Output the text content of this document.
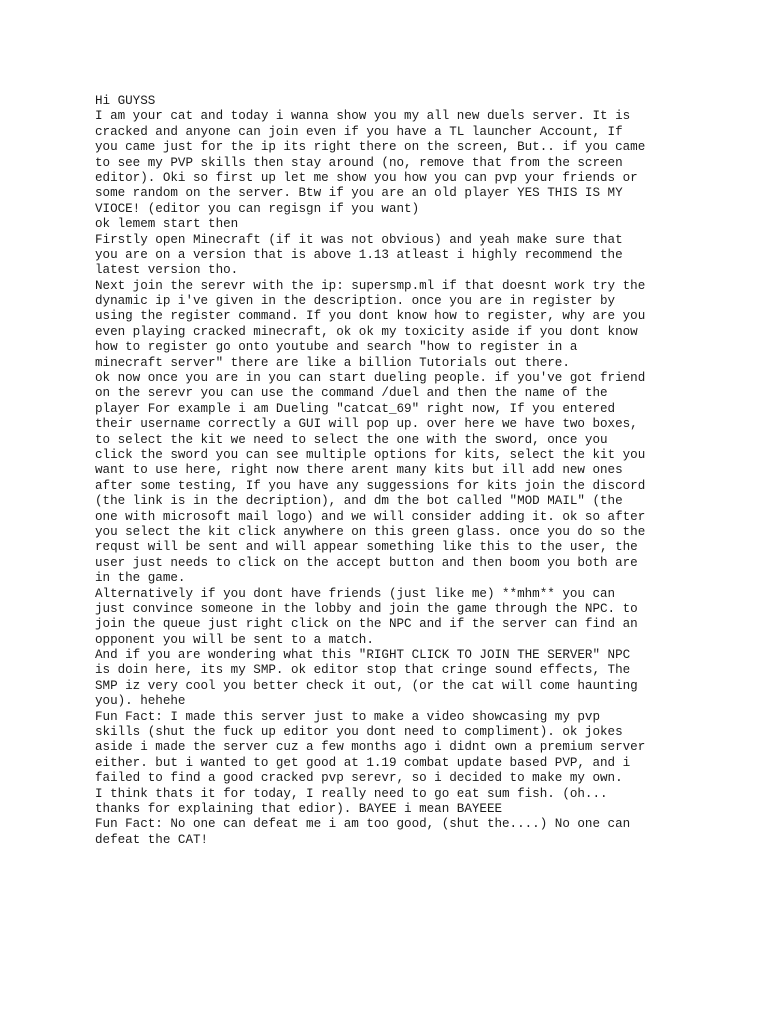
Hi GUYSS
I am your cat and today i wanna show you my all new duels server. It is
cracked and anyone can join even if you have a TL launcher Account, If
you came just for the ip its right there on the screen, But.. if you came
to see my PVP skills then stay around (no, remove that from the screen
editor). Oki so first up let me show you how you can pvp your friends or
some random on the server. Btw if you are an old player YES THIS IS MY
VIOCE! (editor you can regisgn if you want)
ok lemem start then
Firstly open Minecraft (if it was not obvious) and yeah make sure that
you are on a version that is above 1.13 atleast i highly recommend the
latest version tho.
Next join the serevr with the ip: supersmp.ml if that doesnt work try the
dynamic ip i've given in the description. once you are in register by
using the register command. If you dont know how to register, why are you
even playing cracked minecraft, ok ok my toxicity aside if you dont know
how to register go onto youtube and search "how to register in a
minecraft server" there are like a billion Tutorials out there.
ok now once you are in you can start dueling people. if you've got friend
on the serevr you can use the command /duel and then the name of the
player For example i am Dueling "catcat_69" right now, If you entered
their username correctly a GUI will pop up. over here we have two boxes,
to select the kit we need to select the one with the sword, once you
click the sword you can see multiple options for kits, select the kit you
want to use here, right now there arent many kits but ill add new ones
after some testing, If you have any suggessions for kits join the discord
(the link is in the decription), and dm the bot called "MOD MAIL" (the
one with microsoft mail logo) and we will consider adding it. ok so after
you select the kit click anywhere on this green glass. once you do so the
requst will be sent and will appear something like this to the user, the
user just needs to click on the accept button and then boom you both are
in the game.
Alternatively if you dont have friends (just like me) **mhm** you can
just convince someone in the lobby and join the game through the NPC. to
join the queue just right click on the NPC and if the server can find an
opponent you will be sent to a match.
And if you are wondering what this "RIGHT CLICK TO JOIN THE SERVER" NPC
is doin here, its my SMP. ok editor stop that cringe sound effects, The
SMP iz very cool you better check it out, (or the cat will come haunting
you). hehehe
Fun Fact: I made this server just to make a video showcasing my pvp
skills (shut the fuck up editor you dont need to compliment). ok jokes
aside i made the server cuz a few months ago i didnt own a premium server
either. but i wanted to get good at 1.19 combat update based PVP, and i
failed to find a good cracked pvp serevr, so i decided to make my own.
I think thats it for today, I really need to go eat sum fish. (oh...
thanks for explaining that edior). BAYEE i mean BAYEEE
Fun Fact: No one can defeat me i am too good, (shut the....) No one can
defeat the CAT!
